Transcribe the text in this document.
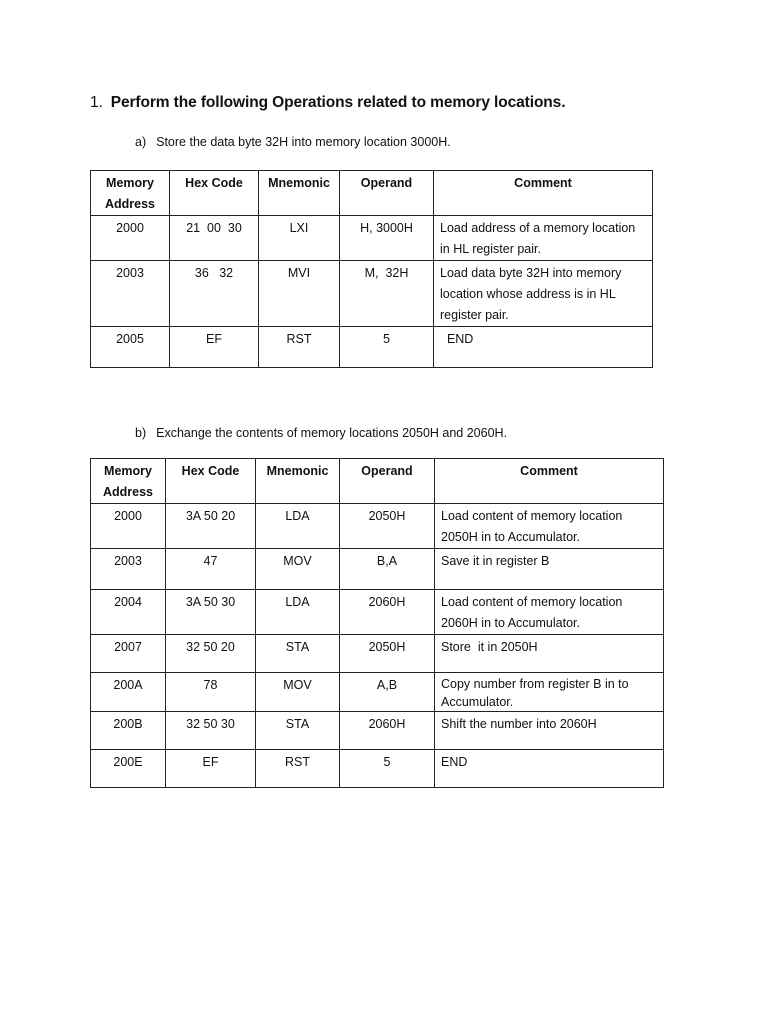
1. Perform the following Operations related to memory locations.
a) Store the data byte 32H into memory location 3000H.
Memory
Address	Hex Code	Mnemonic	Operand	Comment
2000	21  00  30	LXI	H, 3000H	Load address of a memory location in HL register pair.
2003	36   32	MVI	M,  32H	Load data byte 32H into memory location whose address is in HL register pair.
2005	EF	RST	5	END
b) Exchange the contents of memory locations 2050H and 2060H.
Memory
Address	Hex Code	Mnemonic	Operand	Comment
2000	3A 50 20	LDA	2050H	Load content of memory location 2050H in to Accumulator.
2003	47	MOV	B,A	Save it in register B
2004	3A 50 30	LDA	2060H	Load content of memory location 2060H in to Accumulator.
2007	32 50 20	STA	2050H	Store  it in 2050H
200A	78	MOV	A,B	Copy number from register B in to Accumulator.
200B	32 50 30	STA	2060H	Shift the number into 2060H
200E	EF	RST	5	END
